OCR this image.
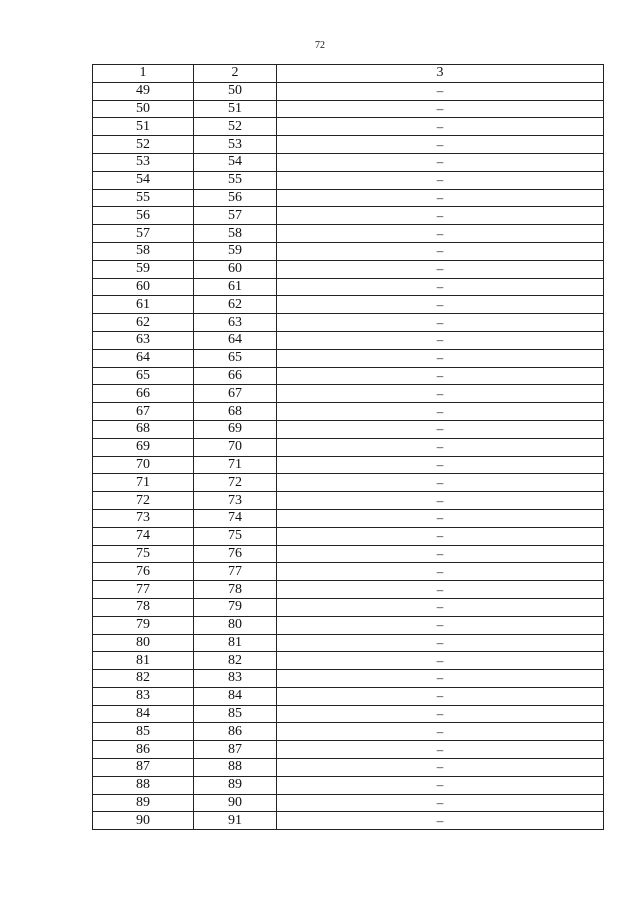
72
1	2	3
49	50	–
50	51	–
51	52	–
52	53	–
53	54	–
54	55	–
55	56	–
56	57	–
57	58	–
58	59	–
59	60	–
60	61	–
61	62	–
62	63	–
63	64	–
64	65	–
65	66	–
66	67	–
67	68	–
68	69	–
69	70	–
70	71	–
71	72	–
72	73	–
73	74	–
74	75	–
75	76	–
76	77	–
77	78	–
78	79	–
79	80	–
80	81	–
81	82	–
82	83	–
83	84	–
84	85	–
85	86	–
86	87	–
87	88	–
88	89	–
89	90	–
90	91	–
